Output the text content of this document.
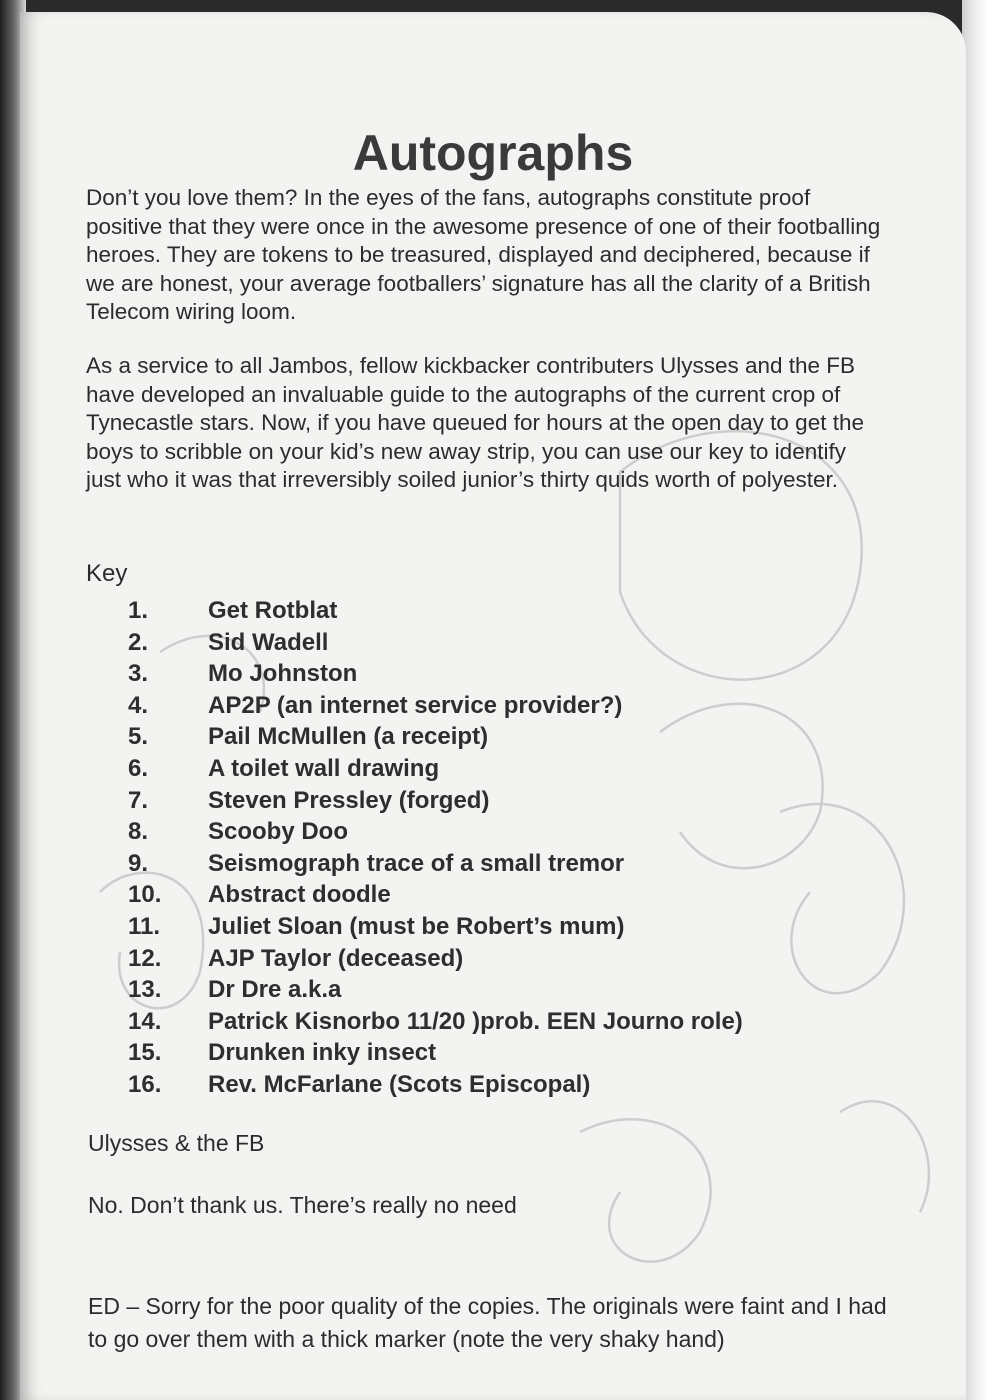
Autographs

Don’t you love them? In the eyes of the fans, autographs constitute proof positive that they were once in the awesome presence of one of their footballing heroes. They are tokens to be treasured, displayed and deciphered, because if we are honest, your average footballers’ signature has all the clarity of a British Telecom wiring loom.

As a service to all Jambos, fellow kickbacker contributers Ulysses and the FB have developed an invaluable guide to the autographs of the current crop of Tynecastle stars. Now, if you have queued for hours at the open day to get the boys to scribble on your kid’s new away strip, you can use our key to identify just who it was that irreversibly soiled junior’s thirty quids worth of polyester.

Key
1.	Get Rotblat
2.	Sid Wadell
3.	Mo Johnston
4.	AP2P (an internet service provider?)
5.	Pail McMullen (a receipt)
6.	A toilet wall drawing
7.	Steven Pressley (forged)
8.	Scooby Doo
9.	Seismograph trace of a small tremor
10.	Abstract doodle
11.	Juliet Sloan (must be Robert’s mum)
12.	AJP Taylor (deceased)
13.	Dr Dre a.k.a
14.	Patrick Kisnorbo 11/20 )prob. EEN Journo role)
15.	Drunken inky insect
16.	Rev. McFarlane (Scots Episcopal)
Ulysses & the FB
No. Don’t thank us. There’s really no need

ED – Sorry for the poor quality of the copies. The originals were faint and I had to go over them with a thick marker (note the very shaky hand)
